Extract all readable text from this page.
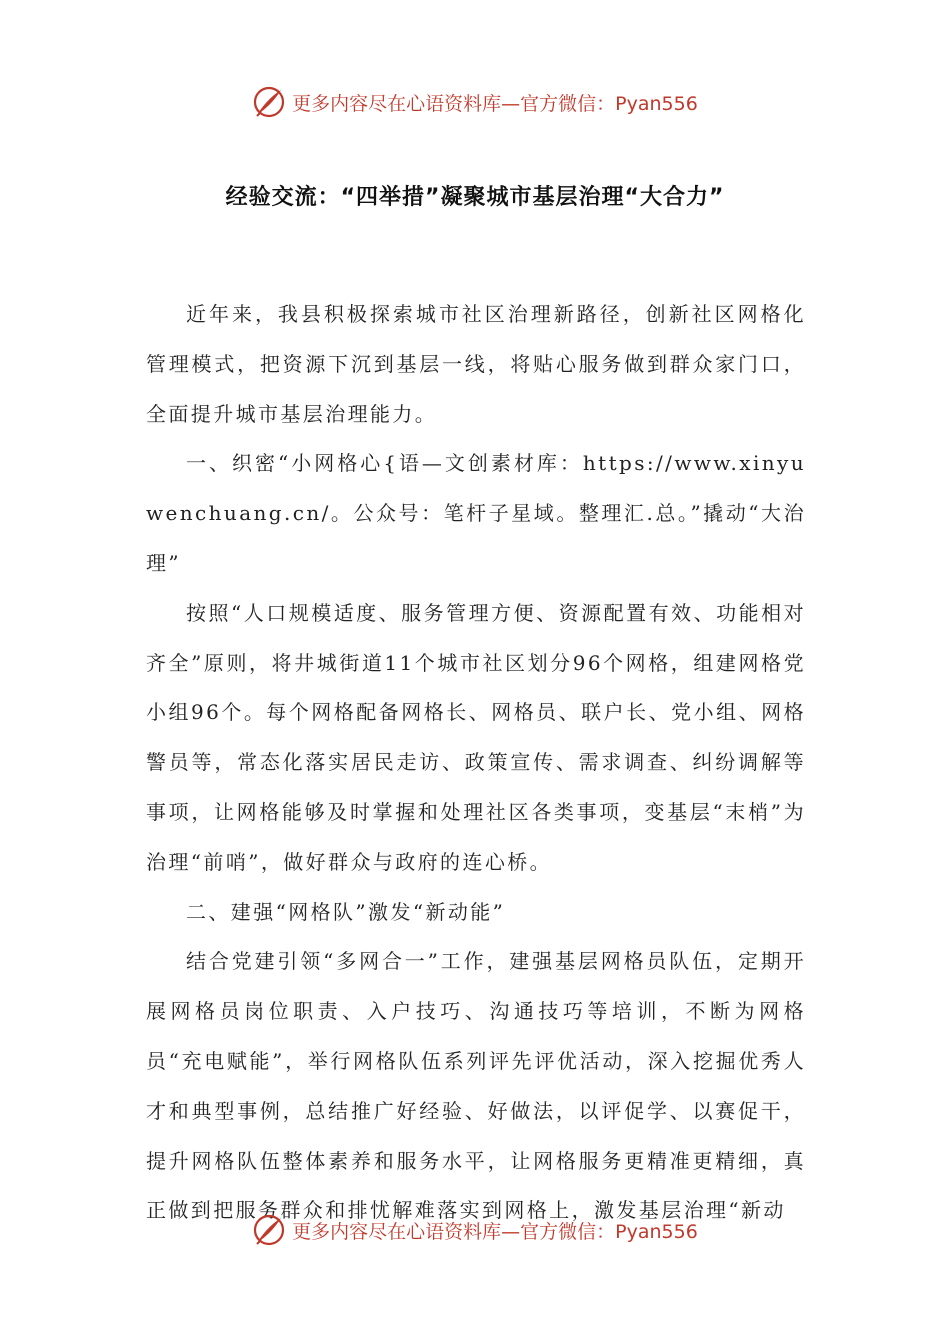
更多内容尽在心语资料库—官方微信：Pyan556
经验交流：“四举措”凝聚城市基层治理“大合力”

近年来，我县积极探索城市社区治理新路径，创新社区网格化管理模式，把资源下沉到基层一线，将贴心服务做到群众家门口，全面提升城市基层治理能力。

一、织密“小网格心{语—文创素材库：https://www.xinyuwenchuang.cn/。公众号：笔杆子星域。整理汇.总。”撬动“大治理”

按照“人口规模适度、服务管理方便、资源配置有效、功能相对齐全”原则，将井城街道11个城市社区划分96个网格，组建网格党小组96个。每个网格配备网格长、网格员、联户长、党小组、网格警员等，常态化落实居民走访、政策宣传、需求调查、纠纷调解等事项，让网格能够及时掌握和处理社区各类事项，变基层“末梢”为治理“前哨”，做好群众与政府的连心桥。

二、建强“网格队”激发“新动能”

结合党建引领“多网合一”工作，建强基层网格员队伍，定期开展网格员岗位职责、入户技巧、沟通技巧等培训，不断为网格员“充电赋能”，举行网格队伍系列评先评优活动，深入挖掘优秀人才和典型事例，总结推广好经验、好做法，以评促学、以赛促干，提升网格队伍整体素养和服务水平，让网格服务更精准更精细，真正做到把服务群众和排忧解难落实到网格上，激发基层治理“新动

更多内容尽在心语资料库—官方微信：Pyan556
